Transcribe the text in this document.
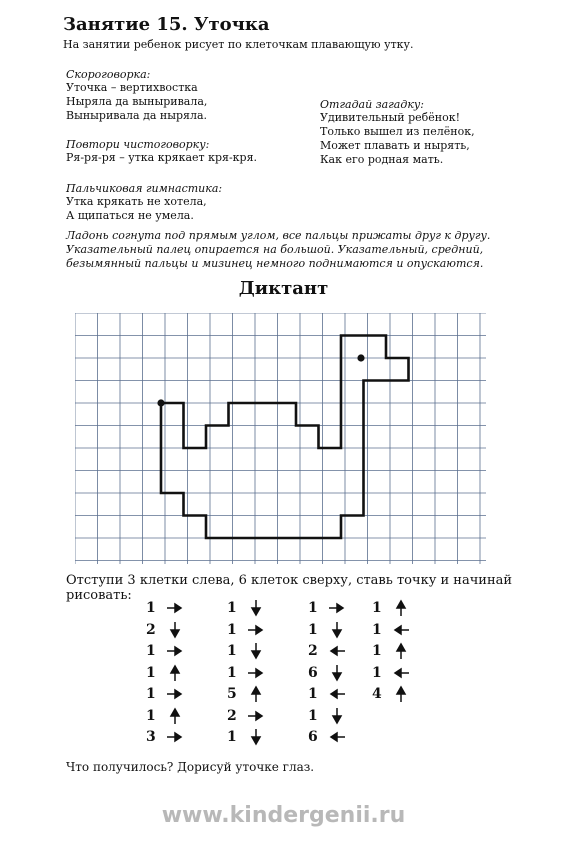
Занятие 15. Уточка
На занятии ребенок рисует по клеточкам плавающую утку.
Скороговорка:
Уточка – вертихвостка
Ныряла да выныривала,
Выныривала да ныряла.
Повтори чистоговорку:
Ря-ря-ря – утка крякает кря-кря.
Отгадай загадку:
Удивительный ребёнок!
Только вышел из пелёнок,
Может плавать и нырять,
Как его родная мать.
Пальчиковая гимнастика:
Утка крякать не хотела,
А щипаться не умела.
Ладонь согнута под прямым углом, все пальцы прижаты друг к другу. Указательный палец опирается на большой. Указательный, средний, безымянный пальцы и мизинец немного поднимаются и опускаются.
Диктант
Отступи 3 клетки слева, 6 клеток сверху, ставь точку и начинай рисовать:
1
2
1
1
1
1
3
1
1
1
1
5
2
1
1
1
2
6
1
1
6
1
1
1
1
4
Что получилось? Дорисуй уточке глаз.
www.kindergenii.ru
